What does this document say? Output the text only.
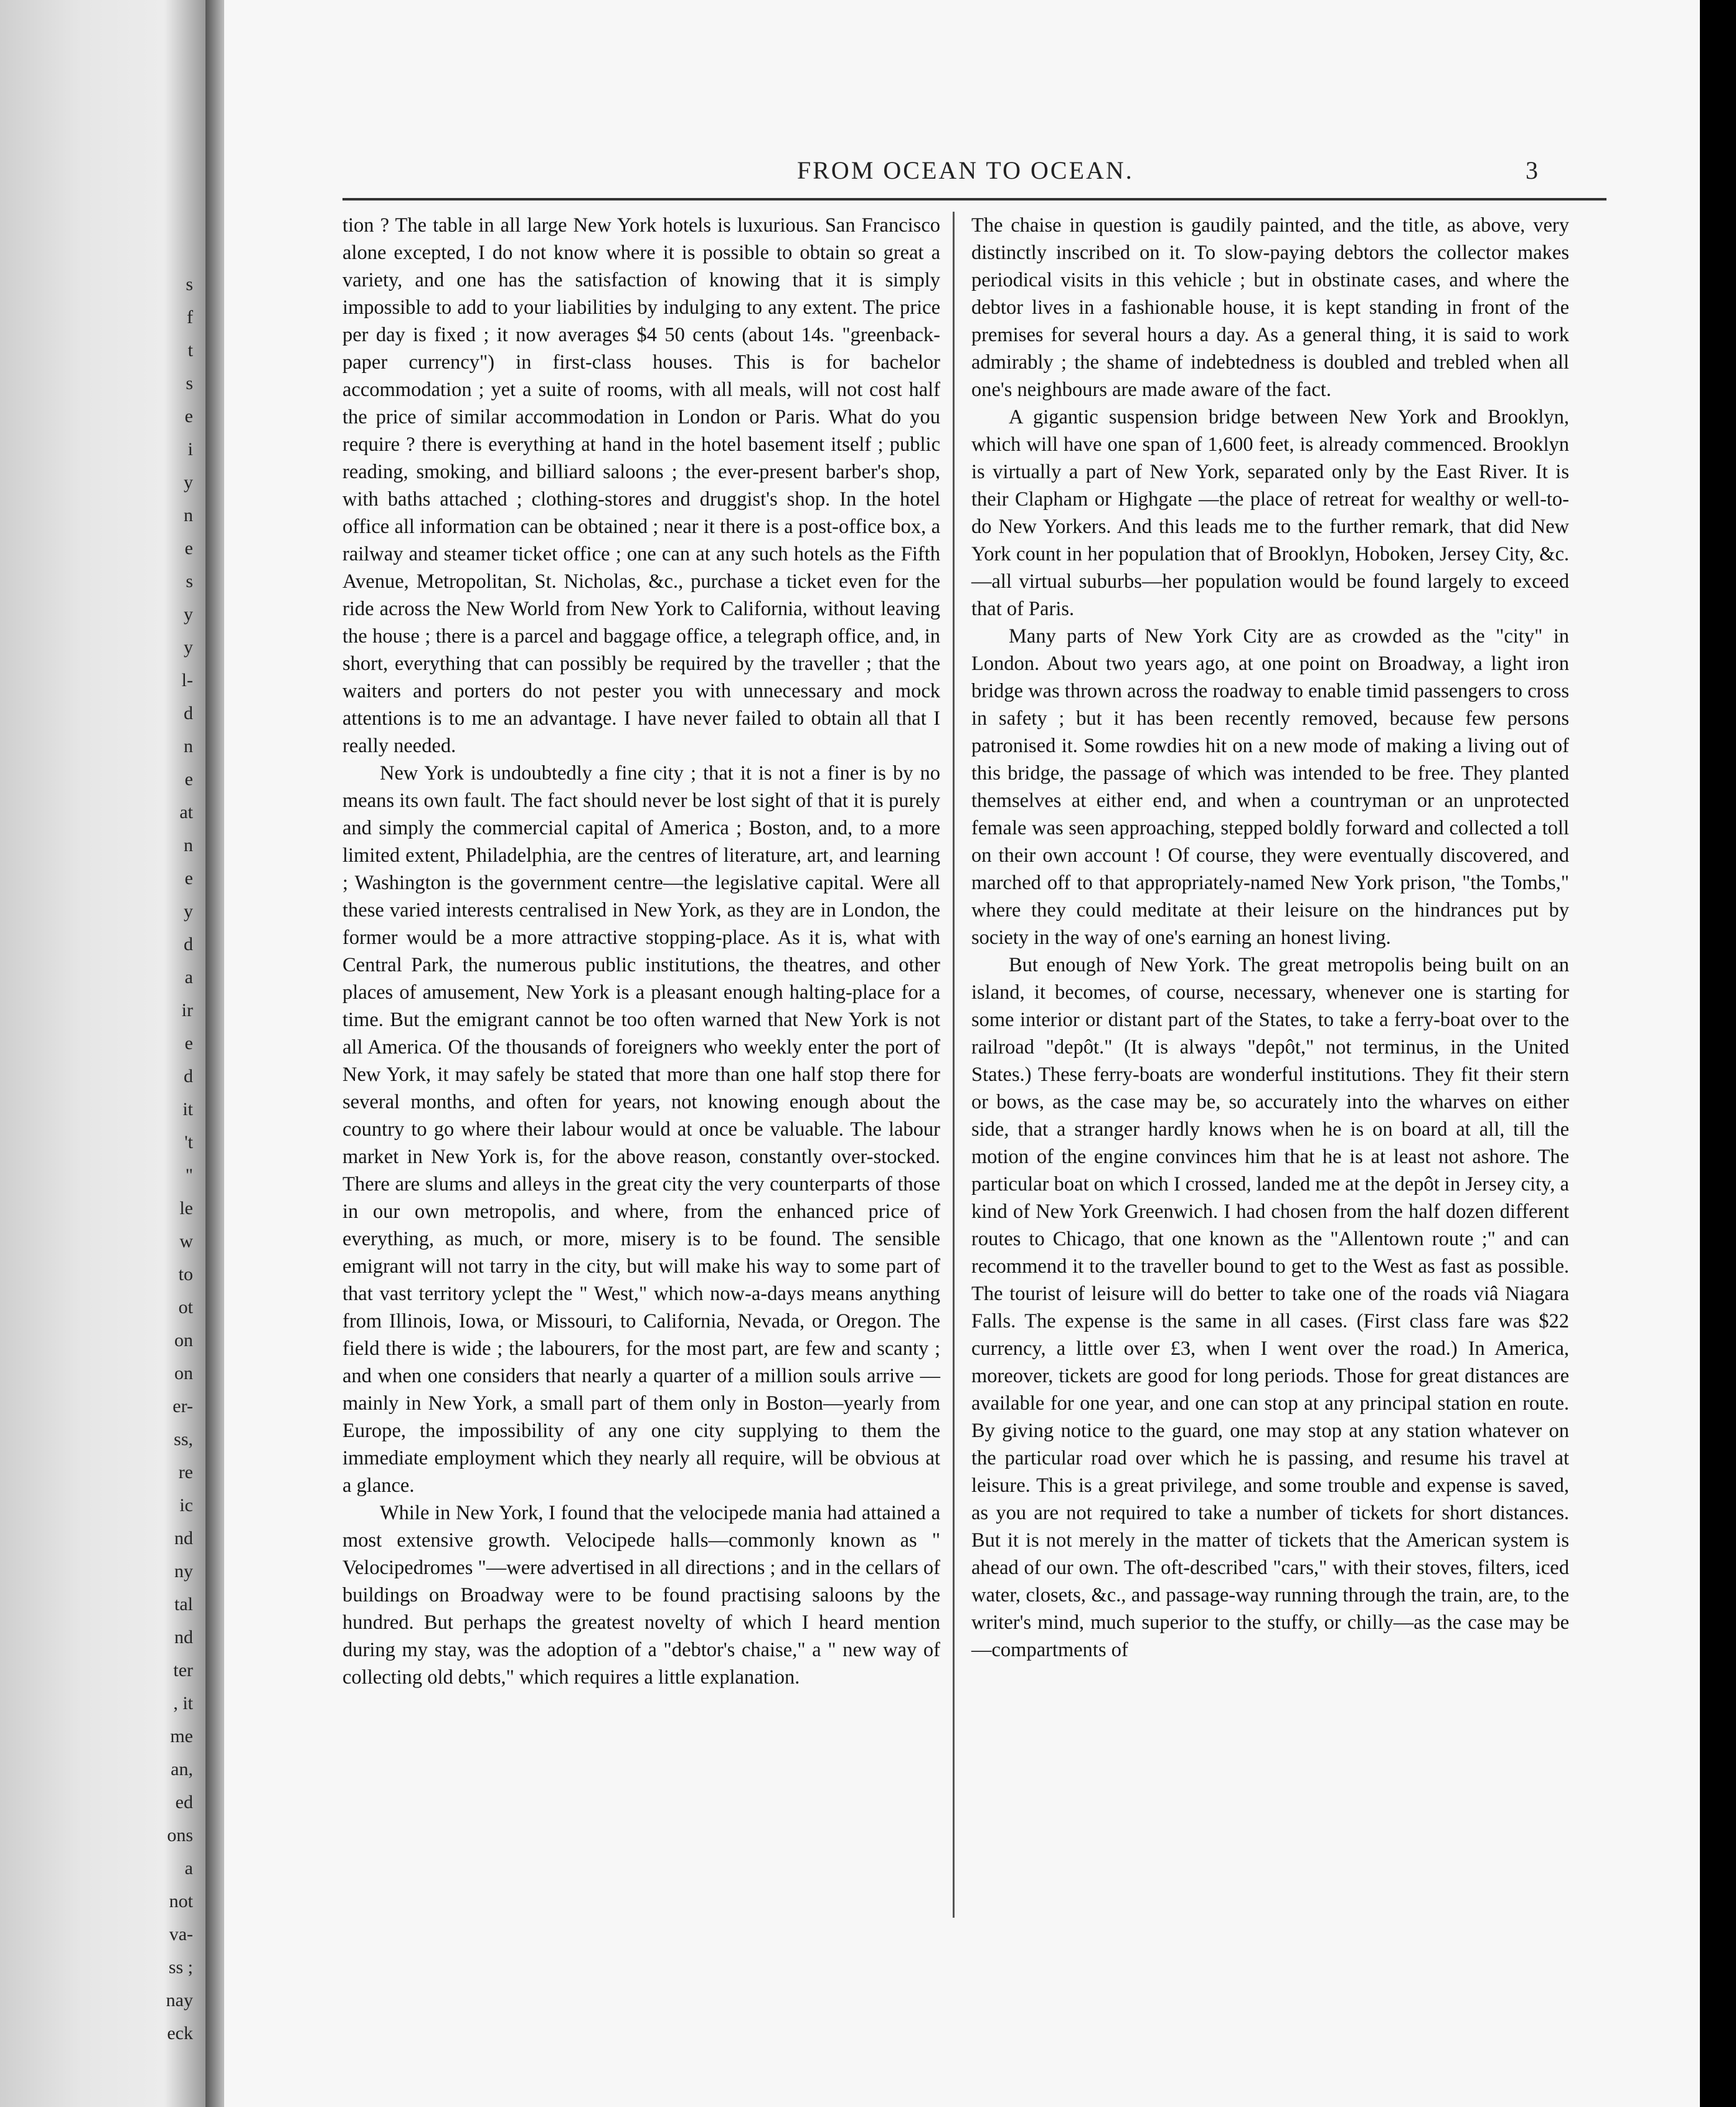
s
f
t
s
e
i
y
n
e
s
y
y
l-
d
n
e
at
n
e
y
d
a
ir
e
d
it
't
"
le
w
to
ot
on
on
er-
ss,
re
ic
nd
ny
tal
nd
ter
, it
me
an,
ed
ons
a
not
va-
ss ;
nay
eck
FROM OCEAN TO OCEAN.	3

tion ? The table in all large New York hotels is luxurious. San Francisco alone excepted, I do not know where it is possible to obtain so great a variety, and one has the satisfaction of knowing that it is simply impossible to add to your liabilities by indulging to any extent. The price per day is fixed ; it now averages $4 50 cents (about 14s. "greenback-paper currency") in first-class houses. This is for bachelor accommodation ; yet a suite of rooms, with all meals, will not cost half the price of similar accommodation in London or Paris. What do you require ? there is everything at hand in the hotel basement itself ; public reading, smoking, and billiard saloons ; the ever-present barber's shop, with baths attached ; clothing-stores and druggist's shop. In the hotel office all information can be obtained ; near it there is a post-office box, a railway and steamer ticket office ; one can at any such hotels as the Fifth Avenue, Metropolitan, St. Nicholas, &c., purchase a ticket even for the ride across the New World from New York to California, without leaving the house ; there is a parcel and baggage office, a telegraph office, and, in short, everything that can possibly be required by the traveller ; that the waiters and porters do not pester you with unnecessary and mock attentions is to me an advantage. I have never failed to obtain all that I really needed.

New York is undoubtedly a fine city ; that it is not a finer is by no means its own fault. The fact should never be lost sight of that it is purely and simply the commercial capital of America ; Boston, and, to a more limited extent, Philadelphia, are the centres of literature, art, and learning ; Washington is the government centre—the legislative capital. Were all these varied interests centralised in New York, as they are in London, the former would be a more attractive stopping-place. As it is, what with Central Park, the numerous public institutions, the theatres, and other places of amusement, New York is a pleasant enough halting-place for a time. But the emigrant cannot be too often warned that New York is not all America. Of the thousands of foreigners who weekly enter the port of New York, it may safely be stated that more than one half stop there for several months, and often for years, not knowing enough about the country to go where their labour would at once be valuable. The labour market in New York is, for the above reason, constantly over-stocked. There are slums and alleys in the great city the very counterparts of those in our own metropolis, and where, from the enhanced price of everything, as much, or more, misery is to be found. The sensible emigrant will not tarry in the city, but will make his way to some part of that vast territory yclept the " West," which now-a-days means anything from Illinois, Iowa, or Missouri, to California, Nevada, or Oregon. The field there is wide ; the labourers, for the most part, are few and scanty ; and when one considers that nearly a quarter of a million souls arrive — mainly in New York, a small part of them only in Boston—yearly from Europe, the impossibility of any one city supplying to them the immediate employment which they nearly all require, will be obvious at a glance.

While in New York, I found that the velocipede mania had attained a most extensive growth. Velocipede halls—commonly known as " Velocipedromes "—were advertised in all directions ; and in the cellars of buildings on Broadway were to be found practising saloons by the hundred. But perhaps the greatest novelty of which I heard mention during my stay, was the adoption of a "debtor's chaise," a " new way of collecting old debts," which requires a little explanation.

The chaise in question is gaudily painted, and the title, as above, very distinctly inscribed on it. To slow-paying debtors the collector makes periodical visits in this vehicle ; but in obstinate cases, and where the debtor lives in a fashionable house, it is kept standing in front of the premises for several hours a day. As a general thing, it is said to work admirably ; the shame of indebtedness is doubled and trebled when all one's neighbours are made aware of the fact.

A gigantic suspension bridge between New York and Brooklyn, which will have one span of 1,600 feet, is already commenced. Brooklyn is virtually a part of New York, separated only by the East River. It is their Clapham or Highgate —the place of retreat for wealthy or well-to-do New Yorkers. And this leads me to the further remark, that did New York count in her population that of Brooklyn, Hoboken, Jersey City, &c.—all virtual suburbs—her population would be found largely to exceed that of Paris.

Many parts of New York City are as crowded as the "city" in London. About two years ago, at one point on Broadway, a light iron bridge was thrown across the roadway to enable timid passengers to cross in safety ; but it has been recently removed, because few persons patronised it. Some rowdies hit on a new mode of making a living out of this bridge, the passage of which was intended to be free. They planted themselves at either end, and when a countryman or an unprotected female was seen approaching, stepped boldly forward and collected a toll on their own account ! Of course, they were eventually discovered, and marched off to that appropriately-named New York prison, "the Tombs," where they could meditate at their leisure on the hindrances put by society in the way of one's earning an honest living.

But enough of New York. The great metropolis being built on an island, it becomes, of course, necessary, whenever one is starting for some interior or distant part of the States, to take a ferry-boat over to the railroad "depôt." (It is always "depôt," not terminus, in the United States.) These ferry-boats are wonderful institutions. They fit their stern or bows, as the case may be, so accurately into the wharves on either side, that a stranger hardly knows when he is on board at all, till the motion of the engine convinces him that he is at least not ashore. The particular boat on which I crossed, landed me at the depôt in Jersey city, a kind of New York Greenwich. I had chosen from the half dozen different routes to Chicago, that one known as the "Allentown route ;" and can recommend it to the traveller bound to get to the West as fast as possible. The tourist of leisure will do better to take one of the roads viâ Niagara Falls. The expense is the same in all cases. (First class fare was $22 currency, a little over £3, when I went over the road.) In America, moreover, tickets are good for long periods. Those for great distances are available for one year, and one can stop at any principal station en route. By giving notice to the guard, one may stop at any station whatever on the particular road over which he is passing, and resume his travel at leisure. This is a great privilege, and some trouble and expense is saved, as you are not required to take a number of tickets for short distances. But it is not merely in the matter of tickets that the American system is ahead of our own. The oft-described "cars," with their stoves, filters, iced water, closets, &c., and passage-way running through the train, are, to the writer's mind, much superior to the stuffy, or chilly—as the case may be—compartments of
